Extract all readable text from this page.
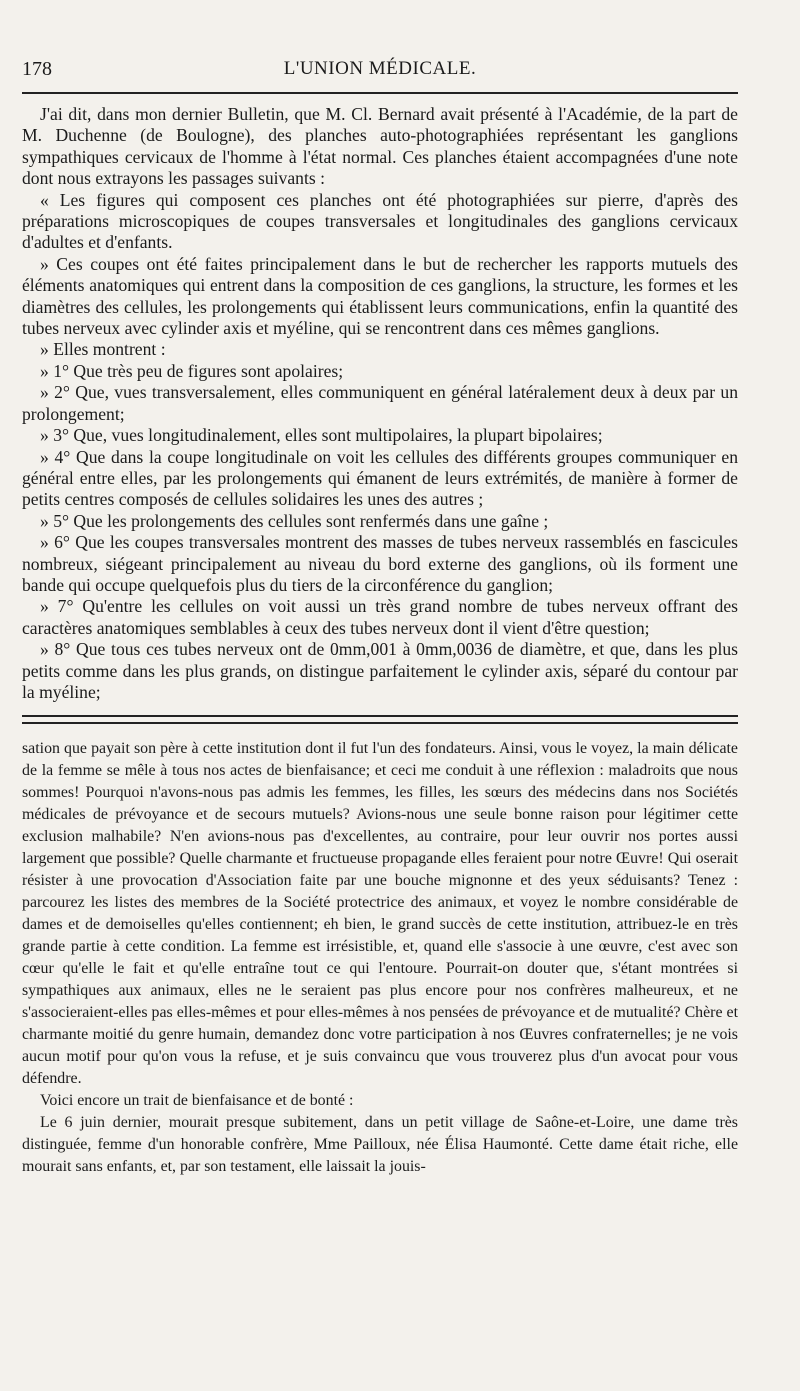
178	L'UNION MÉDICALE.

J'ai dit, dans mon dernier Bulletin, que M. Cl. Bernard avait présenté à l'Académie, de la part de M. Duchenne (de Boulogne), des planches auto-photographiées représentant les ganglions sympathiques cervicaux de l'homme à l'état normal. Ces planches étaient accompagnées d'une note dont nous extrayons les passages suivants :

« Les figures qui composent ces planches ont été photographiées sur pierre, d'après des préparations microscopiques de coupes transversales et longitudinales des ganglions cervicaux d'adultes et d'enfants.

» Ces coupes ont été faites principalement dans le but de rechercher les rapports mutuels des éléments anatomiques qui entrent dans la composition de ces ganglions, la structure, les formes et les diamètres des cellules, les prolongements qui établissent leurs communications, enfin la quantité des tubes nerveux avec cylinder axis et myéline, qui se rencontrent dans ces mêmes ganglions.

» Elles montrent :

» 1° Que très peu de figures sont apolaires;

» 2° Que, vues transversalement, elles communiquent en général latéralement deux à deux par un prolongement;

» 3° Que, vues longitudinalement, elles sont multipolaires, la plupart bipolaires;

» 4° Que dans la coupe longitudinale on voit les cellules des différents groupes communiquer en général entre elles, par les prolongements qui émanent de leurs extrémités, de manière à former de petits centres composés de cellules solidaires les unes des autres ;

» 5° Que les prolongements des cellules sont renfermés dans une gaîne ;

» 6° Que les coupes transversales montrent des masses de tubes nerveux rassemblés en fascicules nombreux, siégeant principalement au niveau du bord externe des ganglions, où ils forment une bande qui occupe quelquefois plus du tiers de la circonférence du ganglion;

» 7° Qu'entre les cellules on voit aussi un très grand nombre de tubes nerveux offrant des caractères anatomiques semblables à ceux des tubes nerveux dont il vient d'être question;

» 8° Que tous ces tubes nerveux ont de 0mm,001 à 0mm,0036 de diamètre, et que, dans les plus petits comme dans les plus grands, on distingue parfaitement le cylinder axis, séparé du contour par la myéline;

sation que payait son père à cette institution dont il fut l'un des fondateurs. Ainsi, vous le voyez, la main délicate de la femme se mêle à tous nos actes de bienfaisance; et ceci me conduit à une réflexion : maladroits que nous sommes! Pourquoi n'avons-nous pas admis les femmes, les filles, les sœurs des médecins dans nos Sociétés médicales de prévoyance et de secours mutuels? Avions-nous une seule bonne raison pour légitimer cette exclusion malhabile? N'en avions-nous pas d'excellentes, au contraire, pour leur ouvrir nos portes aussi largement que possible? Quelle charmante et fructueuse propagande elles feraient pour notre Œuvre! Qui oserait résister à une provocation d'Association faite par une bouche mignonne et des yeux séduisants? Tenez : parcourez les listes des membres de la Société protectrice des animaux, et voyez le nombre considérable de dames et de demoiselles qu'elles contiennent; eh bien, le grand succès de cette institution, attribuez-le en très grande partie à cette condition. La femme est irrésistible, et, quand elle s'associe à une œuvre, c'est avec son cœur qu'elle le fait et qu'elle entraîne tout ce qui l'entoure. Pourrait-on douter que, s'étant montrées si sympathiques aux animaux, elles ne le seraient pas plus encore pour nos confrères malheureux, et ne s'associeraient-elles pas elles-mêmes et pour elles-mêmes à nos pensées de prévoyance et de mutualité? Chère et charmante moitié du genre humain, demandez donc votre participation à nos Œuvres confraternelles; je ne vois aucun motif pour qu'on vous la refuse, et je suis convaincu que vous trouverez plus d'un avocat pour vous défendre.

Voici encore un trait de bienfaisance et de bonté :

Le 6 juin dernier, mourait presque subitement, dans un petit village de Saône-et-Loire, une dame très distinguée, femme d'un honorable confrère, Mme Pailloux, née Élisa Haumonté. Cette dame était riche, elle mourait sans enfants, et, par son testament, elle laissait la jouis-
